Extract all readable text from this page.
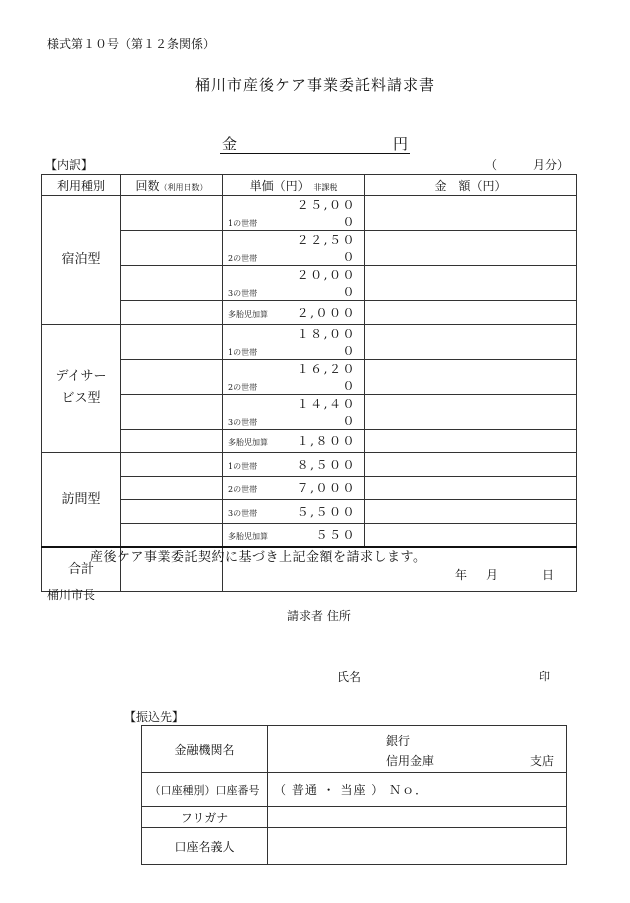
様式第１０号（第１２条関係）
桶川市産後ケア事業委託料請求書
金	円
【内訳】	（	月分）
利用種別	回数（利用日数）	単価（円） 非課税	金　額（円）
宿泊型		1の世帯２５,０００	
		2の世帯２２,５００	
		3の世帯２０,０００	
		多胎児加算 ２,０００	
デイサー
ビス型		1の世帯１８,０００	
		2の世帯１６,２００	
		3の世帯１４,４００	
		多胎児加算 １,８００	
訪問型		1の世帯 ８,５００	
		2の世帯 ７,０００	
		3の世帯 ５,５００	
		多胎児加算 ５５０	
合計			
産後ケア事業委託契約に基づき上記金額を請求します。
年 月	日
桶川市長
請求者 住所
氏名	印
【振込先】
金融機関名	銀行
信用金庫 支店

（口座種別）口座番号	（ 普通 ・ 当座 ） Ｎｏ．
フリガナ	
口座名義人	
